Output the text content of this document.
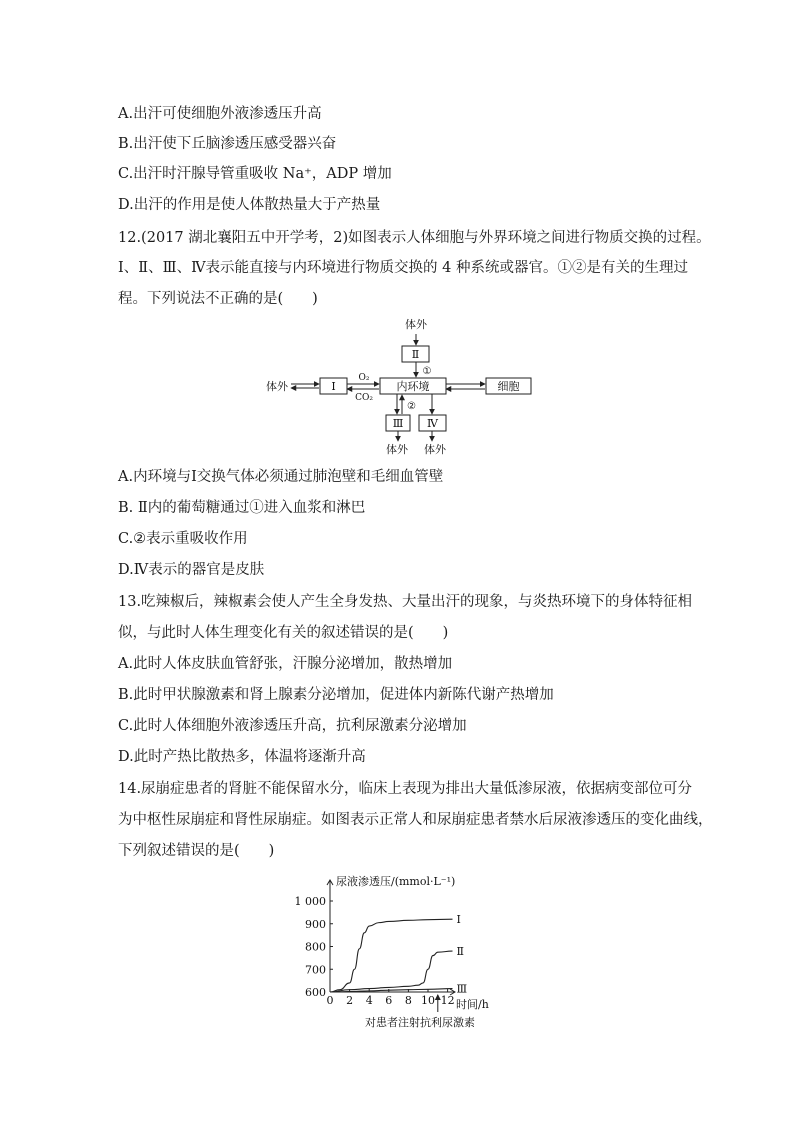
A.出汗可使细胞外液渗透压升高
B.出汗使下丘脑渗透压感受器兴奋
C.出汗时汗腺导管重吸收 Na⁺，ADP 增加
D.出汗的作用是使人体散热量大于产热量
12.(2017 湖北襄阳五中开学考，2)如图表示人体细胞与外界环境之间进行物质交换的过程。
Ⅰ、Ⅱ、Ⅲ、Ⅳ表示能直接与内环境进行物质交换的 4 种系统或器官。①②是有关的生理过
程。下列说法不正确的是(　　)
体外
Ⅱ
①
体外	Ⅰ
O₂
CO₂
内环境	细胞
②
Ⅲ Ⅳ
体外 体外
A.内环境与Ⅰ交换气体必须通过肺泡壁和毛细血管壁
B. Ⅱ内的葡萄糖通过①进入血浆和淋巴
C.②表示重吸收作用
D.Ⅳ表示的器官是皮肤
13.吃辣椒后，辣椒素会使人产生全身发热、大量出汗的现象，与炎热环境下的身体特征相
似，与此时人体生理变化有关的叙述错误的是(　　)
A.此时人体皮肤血管舒张，汗腺分泌增加，散热增加
B.此时甲状腺激素和肾上腺素分泌增加，促进体内新陈代谢产热增加
C.此时人体细胞外液渗透压升高，抗利尿激素分泌增加
D.此时产热比散热多，体温将逐渐升高
14.尿崩症患者的肾脏不能保留水分，临床上表现为排出大量低渗尿液，依据病变部位可分
为中枢性尿崩症和肾性尿崩症。如图表示正常人和尿崩症患者禁水后尿液渗透压的变化曲线，
下列叙述错误的是(　　)
0 2 4 6 8 10 12
600
700
800
900
1 000
Ⅰ
Ⅱ
Ⅲ
尿液渗透压/(mmol·L⁻¹)
时间/h
对患者注射抗利尿激素
